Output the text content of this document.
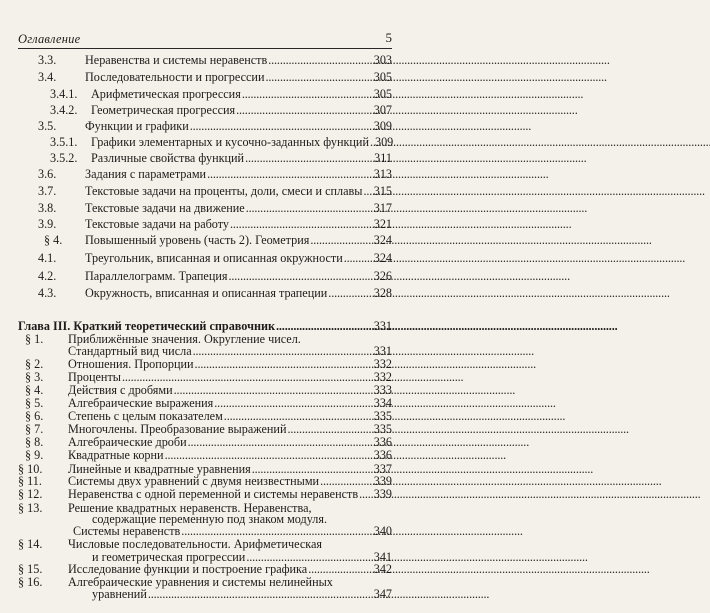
Оглавление	5
3.3. Неравенства и системы неравенств . . .	303
3.4. Последовательности и прогрессии . . .	305
3.4.1. Арифметическая прогрессия . . .	305
3.4.2. Геометрическая прогрессия . . .	307
3.5. Функции и графики . . .	309
3.5.1. Графики элементарных и кусочно-заданных функций . . . 309
3.5.2. Различные свойства функций . . .	311
3.6. Задания с параметрами . . .	313
3.7. Текстовые задачи на проценты, доли, смеси и сплавы . . . 315
3.8. Текстовые задачи на движение . . .	317
3.9. Текстовые задачи на работу . . .	321
§ 4. Повышенный уровень (часть 2). Геометрия . . .	324
4.1. Треугольник, вписанная и описанная окружности . . .	324
4.2. Параллелограмм. Трапеция . . .	326
4.3. Окружность, вписанная и описанная трапеции . . .	328
Глава III. Краткий теоретический справочник . . .	331
§ 1. Приближённые значения. Округление чисел.
Стандартный вид числа . . .	331
§ 2. Отношения. Пропорции . . .	332
§ 3. Проценты . . .	332
§ 4. Действия с дробями . . .	333
§ 5. Алгебраические выражения . . .	334
§ 6. Степень с целым показателем . . .	335
§ 7. Многочлены. Преобразование выражений . . .	335
§ 8. Алгебраические дроби . . .	336
§ 9. Квадратные корни . . .	336
§ 10. Линейные и квадратные уравнения . . .	337
§ 11. Системы двух уравнений с двумя неизвестными . . .	339
§ 12. Неравенства с одной переменной и системы неравенств . . . 339
§ 13. Решение квадратных неравенств. Неравенства,
содержащие переменную под знаком модуля.
Системы неравенств . . .	340
§ 14. Числовые последовательности. Арифметическая
и геометрическая прогрессии . . .	341
§ 15. Исследование функции и построение графика . . .	342
§ 16. Алгебраические уравнения и системы нелинейных
уравнений . . .	347
